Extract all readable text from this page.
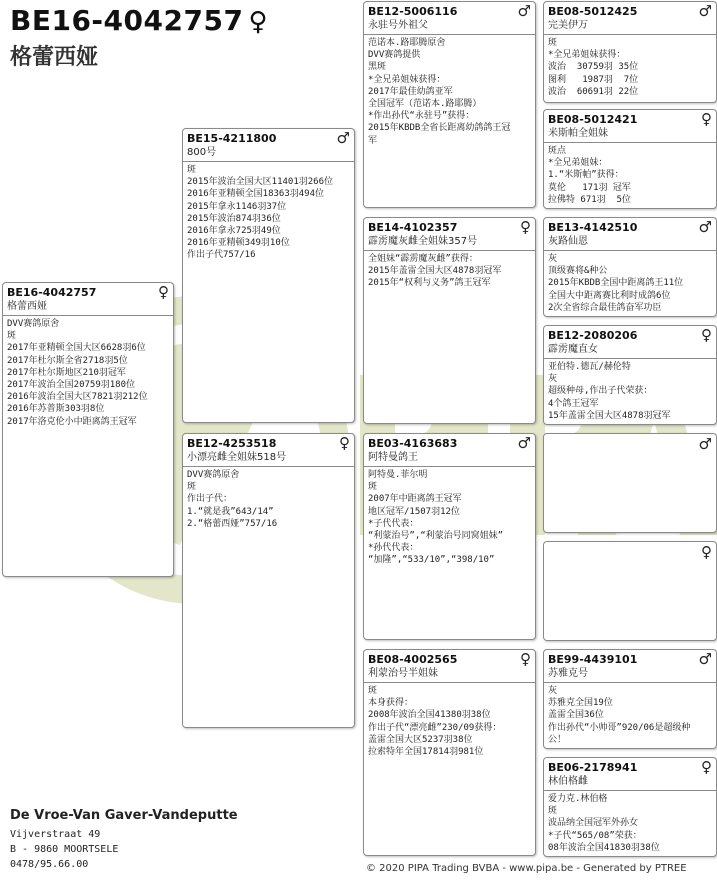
BE16-4042757 ♀
格蕾西娅
BE16-4042757	♀
格蕾西娅
DVV赛鸽原舍
斑
2017年亚精顿全国大区6628羽6位
2017年杜尔斯全省2718羽5位
2017年杜尔斯地区210羽冠军
2017年波治全国20759羽180位
2016年波治全国大区7821羽212位
2016年苏普斯303羽8位
2017年洛克伦小中距离鸽王冠军
BE15-4211800	♂
800号
斑
2015年波治全国大区11401羽266位
2016年亚精顿全国18363羽494位
2015年拿永1146羽37位
2015年波治874羽36位
2016年拿永725羽49位
2016年亚精顿349羽10位
作出子代757/16
BE12-4253518	♀
小漂亮雌全姐妹518号
DVV赛鸽原舍
斑
作出子代：
1.“就是我”643/14”
2.“格蕾西娅”757/16
BE12-5006116	♂
永驻号外祖父
范诺本.路耶腾原舍
DVV赛鸽提供
黑斑
*全兄弟姐妹获得：
2017年最佳幼鸽亚军
全国冠军（范诺本.路耶腾）
*作出孙代“永驻号”获得：
2015年KBDB全省长距离幼鸽鸽王冠
军
BE14-4102357	♀
霹雳魔灰雌全姐妹357号
全姐妹“霹雳魔灰雌”获得：
2015年盖雷全国大区4878羽冠军
2015年“权利与义务”鸽王冠军
BE03-4163683	♂
阿特曼鸽王
阿特曼.菲尔明
斑
2007年中距离鸽王冠军
地区冠军/1507羽12位
*子代代表：
“利蒙治号”,“利蒙治号同窝姐妹”
*孙代代表：
“加隆”,“533/10”,“398/10”
BE08-4002565	♀
利蒙治号半姐妹
斑
本身获得：
2008年波治全国41380羽38位
作出子代“漂亮雌”230/09获得：
盖雷全国大区5237羽38位
拉索特年全国17814羽981位
BE08-5012425	♂
完美伊万
斑
*全兄弟姐妹获得：
波治  30759羽 35位
图利   1987羽  7位
波治  60691羽 22位
BE08-5012421	♀
米斯帕全姐妹
斑点
*全兄弟姐妹：
1.“米斯帕”获得：
莫伦   171羽 冠军
拉佛特 671羽  5位
BE13-4142510	♂
灰路仙恩
灰
顶级赛将&种公
2015年KBDB全国中距离鸽王11位
全国大中距离赛比利时成鸽6位
2次全省综合最佳鸽奋军功臣
BE12-2080206	♀
霹雳魔直女
亚伯特.德瓦/赫伦特
灰
超级种母,作出子代荣获：
4个鸽王冠军
15年盖雷全国大区4878羽冠军
♂
♀
BE99-4439101	♂
苏雅克号
灰
苏雅克全国19位
盖雷全国36位
作出孙代“小帅哥”920/06是超级种
公！
BE06-2178941	♀
林伯格雌
爱力克.林伯格
斑
波品纳全国冠军外孙女
*子代“565/08”荣获：
08年波治全国41830羽38位
De Vroe-Van Gaver-Vandeputte
Vijverstraat 49
B - 9860 MOORTSELE
0478/95.66.00	© 2020 PIPA Trading BVBA - www.pipa.be - Generated by PTREE
